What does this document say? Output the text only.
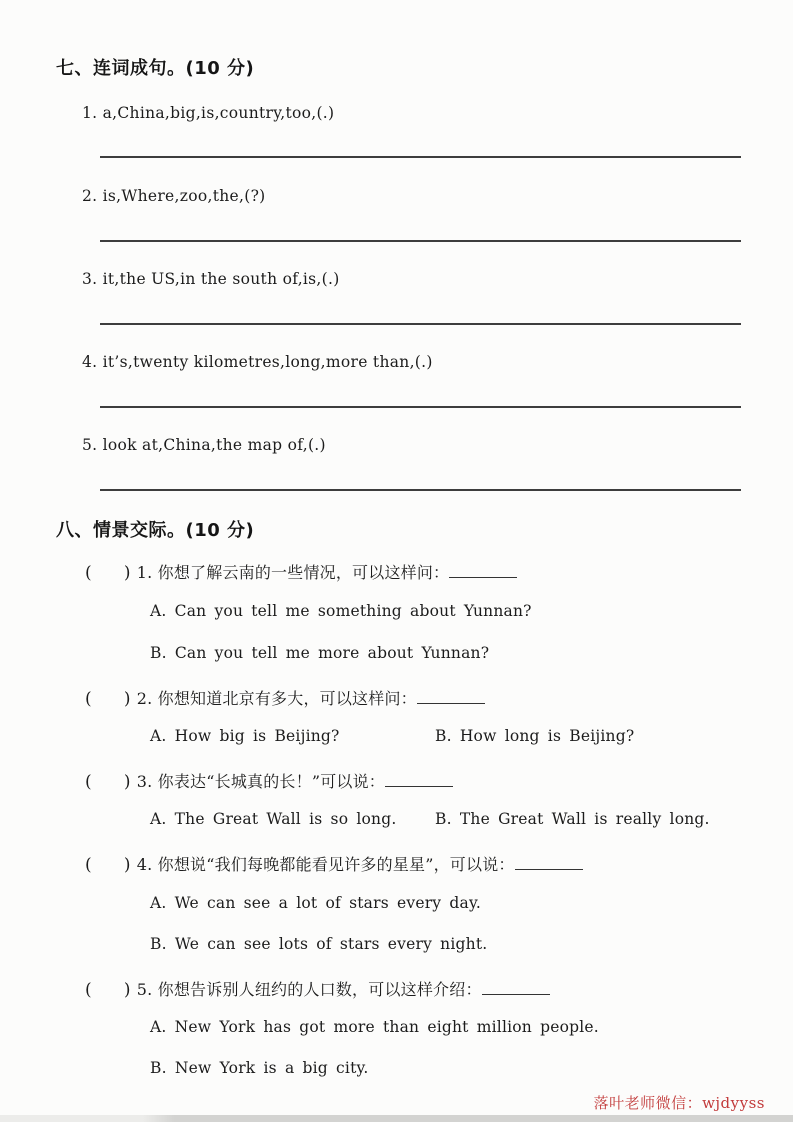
七、连词成句。(10 分)
1. a,China,big,is,country,too,(.)
2. is,Where,zoo,the,(?)
3. it,the US,in the south of,is,(.)
4. it’s,twenty kilometres,long,more than,(.)
5. look at,China,the map of,(.)
八、情景交际。(10 分)
( ) 1. 你想了解云南的一些情况，可以这样问：
A. Can you tell me something about Yunnan?
B. Can you tell me more about Yunnan?
( ) 2. 你想知道北京有多大，可以这样问：
A. How big is Beijing?	B. How long is Beijing?
( ) 3. 你表达“长城真的长！”可以说：
A. The Great Wall is so long. B. The Great Wall is really long.
( ) 4. 你想说“我们每晚都能看见许多的星星”，可以说：
A. We can see a lot of stars every day.
B. We can see lots of stars every night.
( ) 5. 你想告诉别人纽约的人口数，可以这样介绍：
A. New York has got more than eight million people.
B. New York is a big city.
落叶老师微信：wjdyyss
